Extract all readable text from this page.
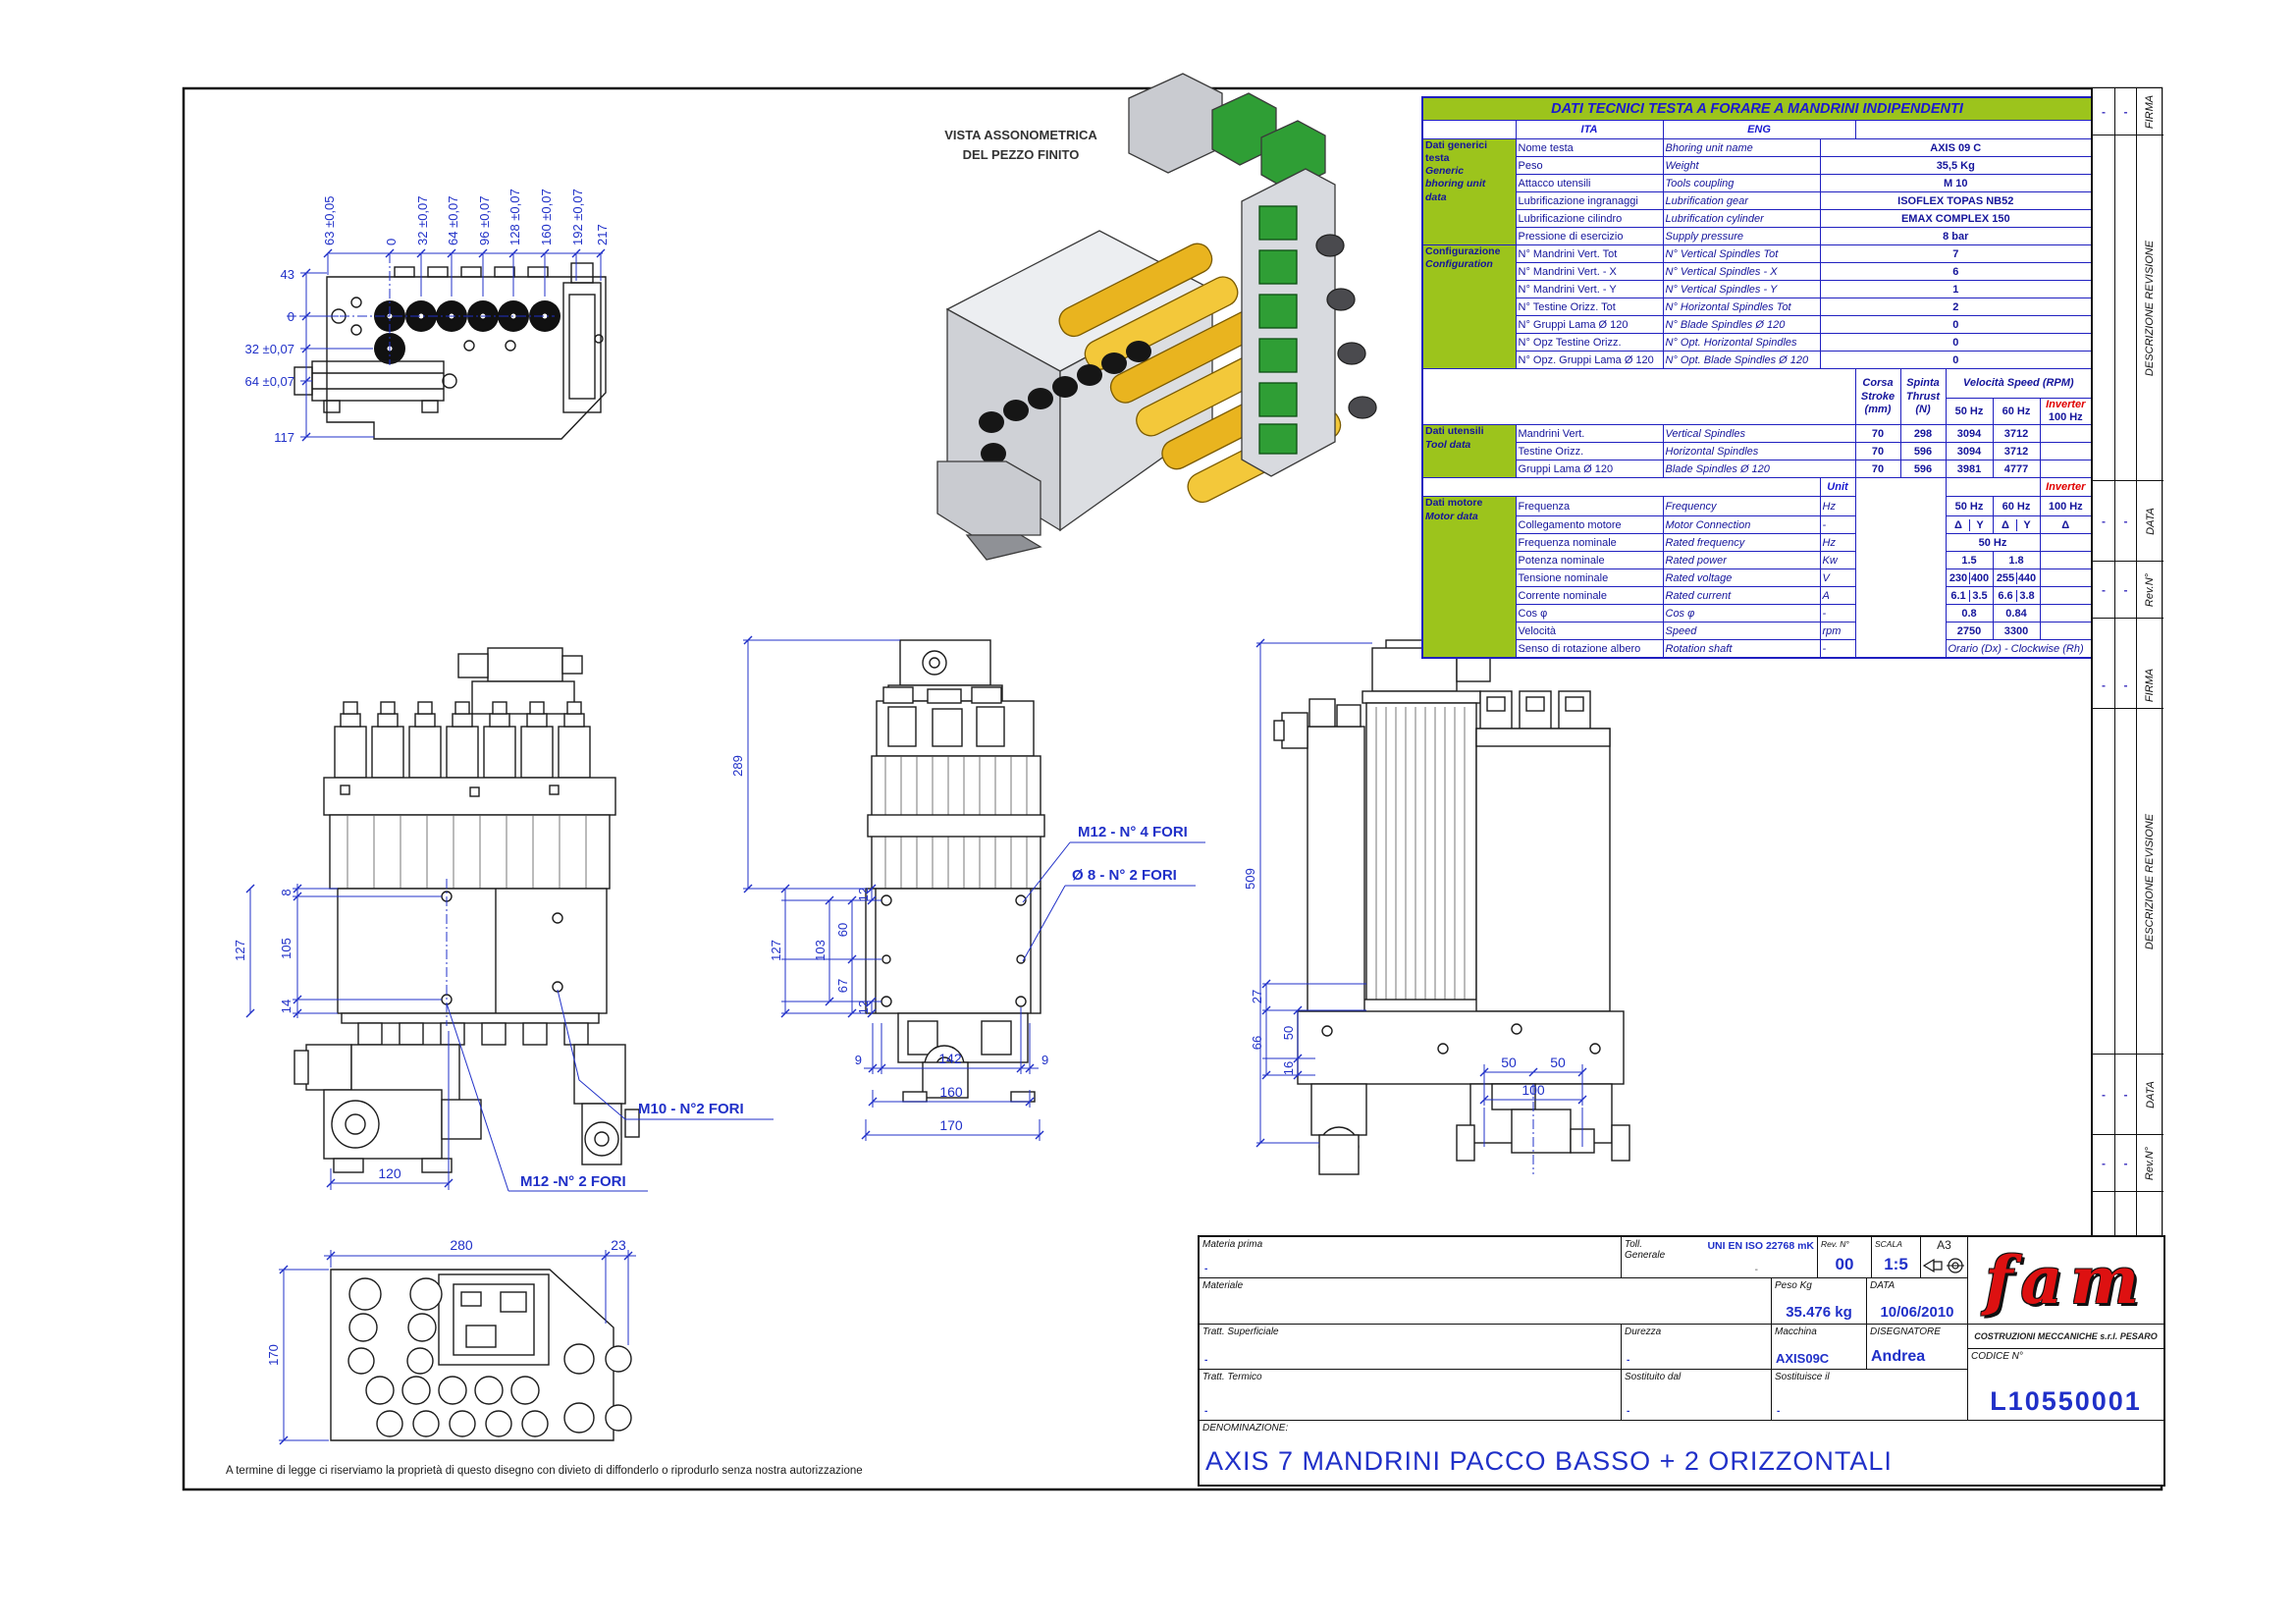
63 ±0,05	0 32 ±0,07 64 ±0,07 96 ±0,07 128 ±0,07 160 ±0,07 192 ±0,07 217
43
0
32 ±0,07
64 ±0,07
117
8
105
14
127
120	M12 -N° 2 FORI
M10 - N°2 FORI
289
127 103
60
67
12
12
9	142	9
160
170
M12 - N° 4 FORI
Ø 8 - N° 2 FORI	509
27
66
50
16	50 50
100
280	23
170
VISTA ASSONOMETRICA
DEL PEZZO FINITO
DATI TECNICI TESTA A FORARE A MANDRINI INDIPENDENTI								
	ITA	ENG						

Dati generici
testa
Generic
bhoring unit
data	Nome testa	Bhoring unit name	AXIS 09 C					
	Peso	Weight	35,5 Kg					
	Attacco utensili	Tools coupling	M 10					
	Lubrificazione ingranaggi	Lubrification gear	ISOFLEX TOPAS NB52					
	Lubrificazione cilindro	Lubrification cylinder	EMAX COMPLEX 150					
	Pressione di esercizio	Supply pressure	8 bar					

Configurazione
Configuration	N° Mandrini Vert. Tot	N° Vertical Spindles Tot	7					
	N° Mandrini Vert. - X	N° Vertical Spindles - X	6					
	N° Mandrini Vert. - Y	N° Vertical Spindles - Y	1					
	N° Testine Orizz. Tot	N° Horizontal Spindles Tot	2					
	N° Gruppi Lama Ø 120	N° Blade Spindles Ø 120	0					
	N° Opz Testine Orizz.	N° Opt. Horizontal Spindles	0					
	N° Opz. Gruppi Lama Ø 120	N° Opt. Blade Spindles Ø 120	0					

				Corsa
Stroke
(mm)	Spinta
Thrust
(N)	Velocità Speed (RPM)		
						50 Hz	60 Hz	Inverter
100 Hz

Dati utensili
Tool data	Mandrini Vert.	Vertical Spindles		70	298	3094	3712	
	Testine Orizz.	Horizontal Spindles		70	596	3094	3712	
	Gruppi Lama Ø 120	Blade Spindles Ø 120		70	596	3981	4777	
			Unit					Inverter

Dati motore
Motor data	Frequenza	Frequency	Hz			50 Hz	60 Hz	100 Hz
	Collegamento motore	Motor Connection	-			Δ Y	Δ Y	Δ
	Frequenza nominale	Rated frequency	Hz			50 Hz		
	Potenza nominale	Rated power	Kw			1.5	1.8	
	Tensione nominale	Rated voltage	V			230 400	255 440	

	Corrente nominale	Rated current	A			6.1 3.5	6.6 3.8	

	Cos φ	Cos φ	-			0.8	0.84	
	Velocità	Speed	rpm			2750	3300	
	Senso di rotazione albero	Rotation shaft	-			Orario (Dx) - Clockwise (Rh)		
-
-
-
-
-
-
-
-
-
-
-
-
FIRMA
DESCRIZIONE REVISIONE
DATA
Rev.N°
FIRMA
DESCRIZIONE REVISIONE
DATA
Rev.N°
Materia prima
-
Toll.
Generale
UNI EN ISO 22768 mK
-
Rev. N°
00
SCALA
1:5
A3 fam
Materiale	Peso Kg
35.476 kg
DATA
10/06/2010
Tratt. Superficiale
-
Durezza
-
Macchina
AXIS09C
DISEGNATORE
Andrea
COSTRUZIONI MECCANICHE s.r.l. PESARO
CODICE N°
L10550001
Tratt. Termico
-
Sostituito dal
-
Sostituisce il
-
DENOMINAZIONE:
AXIS 7 MANDRINI PACCO BASSO + 2 ORIZZONTALI
A termine di legge ci riserviamo la proprietà di questo disegno con divieto di diffonderlo o riprodurlo senza nostra autorizzazione
